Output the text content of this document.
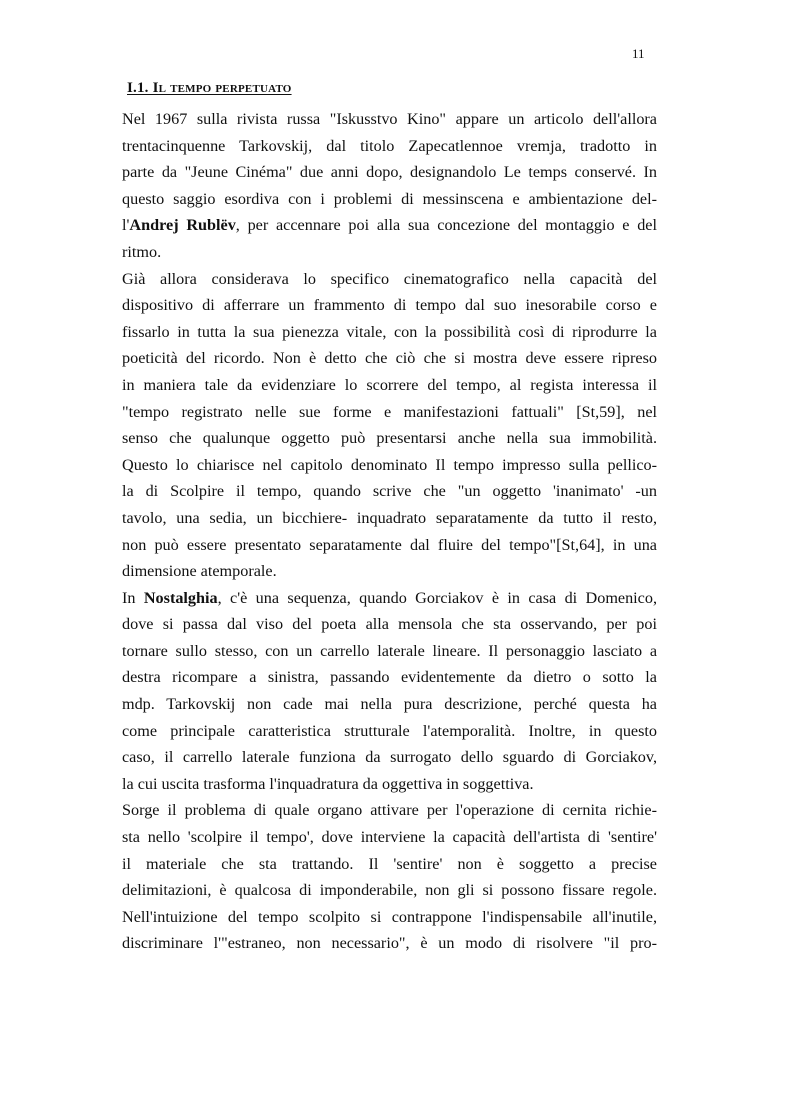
11
I.1. Il tempo perpetuato
Nel 1967 sulla rivista russa "Iskusstvo Kino" appare un articolo dell'allora
trentacinquenne Tarkovskij, dal titolo Zapecatlennoe vremja, tradotto in
parte da "Jeune Cinéma" due anni dopo, designandolo Le temps conservé. In
questo saggio esordiva con i problemi di messinscena e ambientazione del-
l'Andrej Rublëv, per accennare poi alla sua concezione del montaggio e del
ritmo.
Già allora considerava lo specifico cinematografico nella capacità del
dispositivo di afferrare un frammento di tempo dal suo inesorabile corso e
fissarlo in tutta la sua pienezza vitale, con la possibilità così di riprodurre la
poeticità del ricordo. Non è detto che ciò che si mostra deve essere ripreso
in maniera tale da evidenziare lo scorrere del tempo, al regista interessa il
"tempo registrato nelle sue forme e manifestazioni fattuali" [St,59], nel
senso che qualunque oggetto può presentarsi anche nella sua immobilità.
Questo lo chiarisce nel capitolo denominato Il tempo impresso sulla pellico-
la di Scolpire il tempo, quando scrive che "un oggetto 'inanimato' -un
tavolo, una sedia, un bicchiere- inquadrato separatamente da tutto il resto,
non può essere presentato separatamente dal fluire del tempo"[St,64], in una
dimensione atemporale.
In Nostalghia, c'è una sequenza, quando Gorciakov è in casa di Domenico,
dove si passa dal viso del poeta alla mensola che sta osservando, per poi
tornare sullo stesso, con un carrello laterale lineare. Il personaggio lasciato a
destra ricompare a sinistra, passando evidentemente da dietro o sotto la
mdp. Tarkovskij non cade mai nella pura descrizione, perché questa ha
come principale caratteristica strutturale l'atemporalità. Inoltre, in questo
caso, il carrello laterale funziona da surrogato dello sguardo di Gorciakov,
la cui uscita trasforma l'inquadratura da oggettiva in soggettiva.
Sorge il problema di quale organo attivare per l'operazione di cernita richie-
sta nello 'scolpire il tempo', dove interviene la capacità dell'artista di 'sentire'
il materiale che sta trattando. Il 'sentire' non è soggetto a precise
delimitazioni, è qualcosa di imponderabile, non gli si possono fissare regole.
Nell'intuizione del tempo scolpito si contrappone l'indispensabile all'inutile,
discriminare l'"estraneo, non necessario", è un modo di risolvere "il pro-
